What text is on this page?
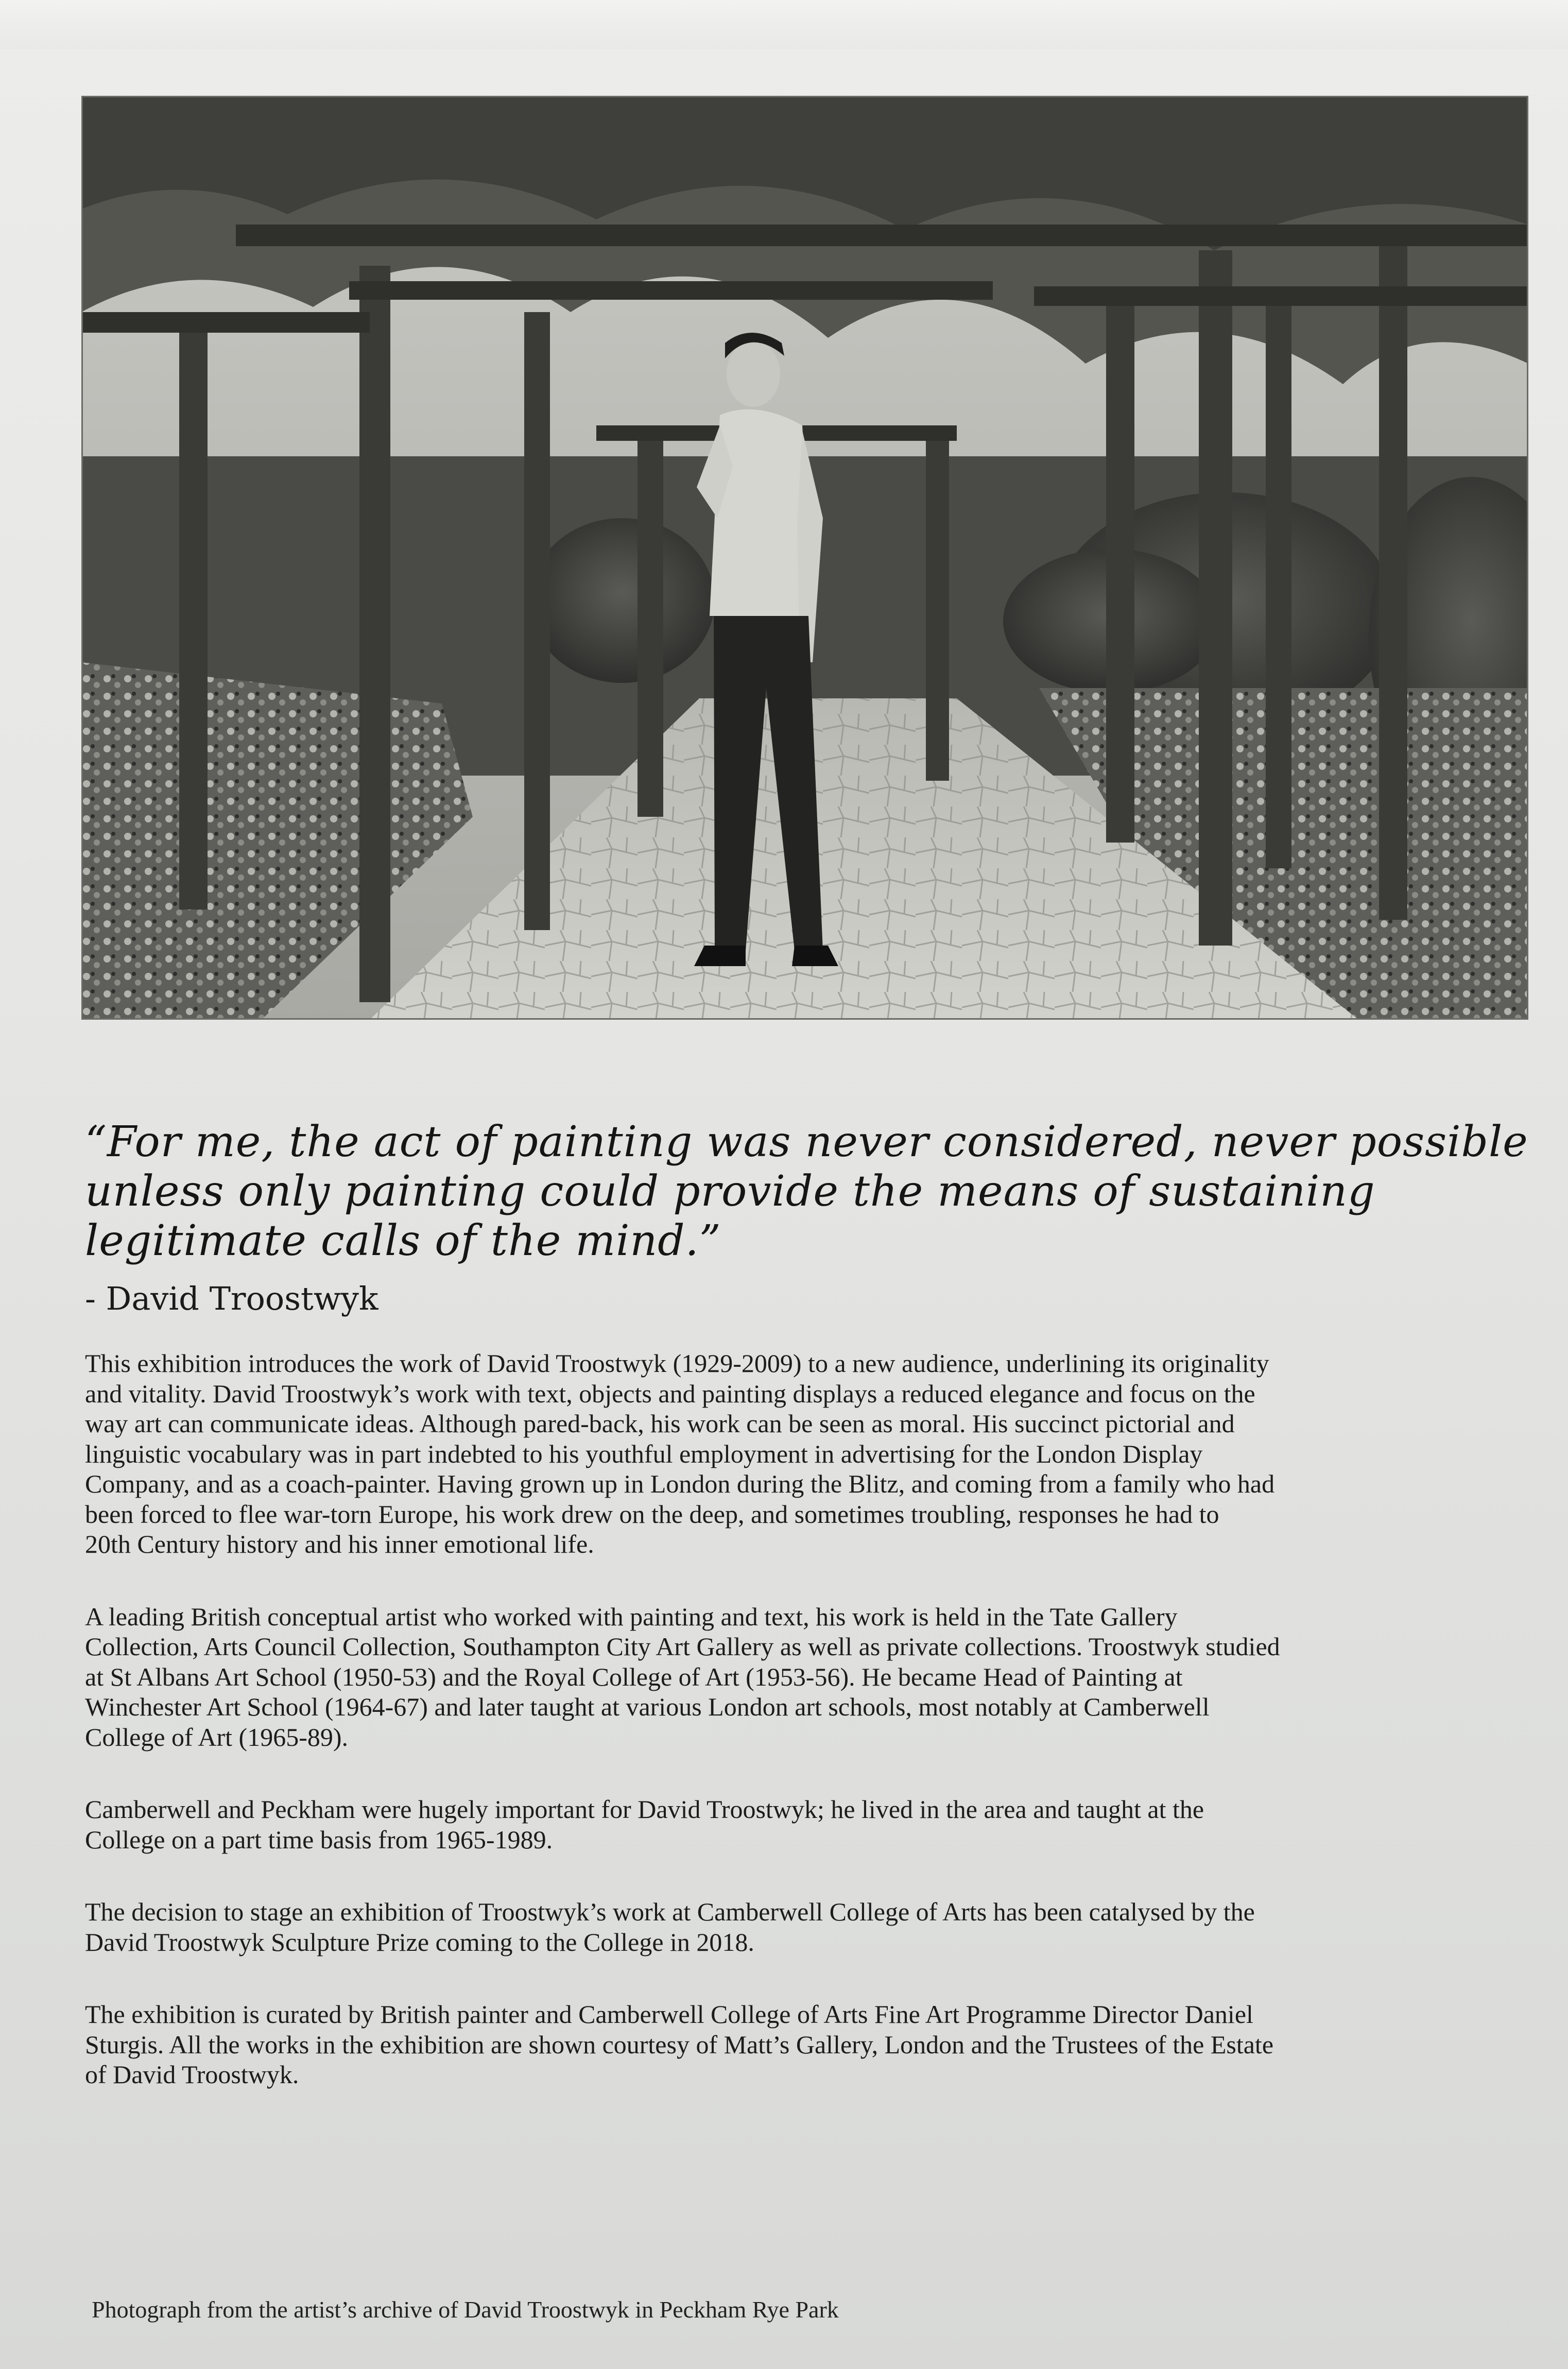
“For me, the act of painting was never considered, never possible
unless only painting could provide the means of sustaining
legitimate calls of the mind.”

- David Troostwyk

This exhibition introduces the work of David Troostwyk (1929-2009) to a new audience, underlining its originality
and vitality. David Troostwyk’s work with text, objects and painting displays a reduced elegance and focus on the
way art can communicate ideas. Although pared-back, his work can be seen as moral. His succinct pictorial and
linguistic vocabulary was in part indebted to his youthful employment in advertising for the London Display
Company, and as a coach-painter. Having grown up in London during the Blitz, and coming from a family who had
been forced to flee war-torn Europe, his work drew on the deep, and sometimes troubling, responses he had to
20th Century history and his inner emotional life.

A leading British conceptual artist who worked with painting and text, his work is held in the Tate Gallery
Collection, Arts Council Collection, Southampton City Art Gallery as well as private collections. Troostwyk studied
at St Albans Art School (1950-53) and the Royal College of Art (1953-56). He became Head of Painting at
Winchester Art School (1964-67) and later taught at various London art schools, most notably at Camberwell
College of Art (1965-89).

Camberwell and Peckham were hugely important for David Troostwyk; he lived in the area and taught at the
College on a part time basis from 1965-1989.

The decision to stage an exhibition of Troostwyk’s work at Camberwell College of Arts has been catalysed by the
David Troostwyk Sculpture Prize coming to the College in 2018.

The exhibition is curated by British painter and Camberwell College of Arts Fine Art Programme Director Daniel
Sturgis. All the works in the exhibition are shown courtesy of Matt’s Gallery, London and the Trustees of the Estate
of David Troostwyk.

Photograph from the artist’s archive of David Troostwyk in Peckham Rye Park
